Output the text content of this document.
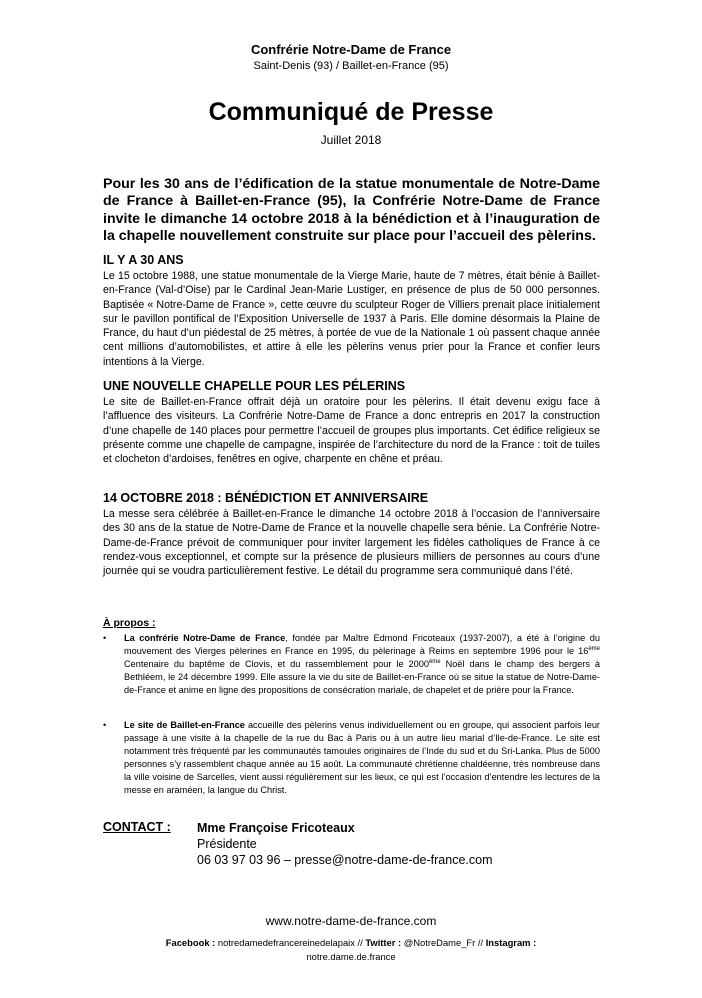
Confrérie Notre-Dame de France
Saint-Denis (93) / Baillet-en-France (95)
Communiqué de Presse
Juillet 2018
Pour les 30 ans de l’édification de la statue monumentale de Notre-Dame de France à Baillet-en-France (95), la Confrérie Notre-Dame de France invite le dimanche 14 octobre 2018 à la bénédiction et à l’inauguration de la chapelle nouvellement construite sur place pour l’accueil des pèlerins.
IL Y A 30 ANS
Le 15 octobre 1988, une statue monumentale de la Vierge Marie, haute de 7 mètres, était bénie à Baillet-en-France (Val-d’Oise) par le Cardinal Jean-Marie Lustiger, en présence de plus de 50 000 personnes. Baptisée « Notre-Dame de France », cette œuvre du sculpteur Roger de Villiers prenait place initialement sur le pavillon pontifical de l’Exposition Universelle de 1937 à Paris. Elle domine désormais la Plaine de France, du haut d’un piédestal de 25 mètres, à portée de vue de la Nationale 1 où passent chaque année cent millions d’automobilistes, et attire à elle les pèlerins venus prier pour la France et confier leurs intentions à la Vierge.
UNE NOUVELLE CHAPELLE POUR LES PÉLERINS
Le site de Baillet-en-France offrait déjà un oratoire pour les pèlerins. Il était devenu exigu face à l’affluence des visiteurs. La Confrérie Notre-Dame de France a donc entrepris en 2017 la construction d’une chapelle de 140 places pour permettre l’accueil de groupes plus importants. Cet édifice religieux se présente comme une chapelle de campagne, inspirée de l’architecture du nord de la France : toit de tuiles et clocheton d’ardoises, fenêtres en ogive, charpente en chêne et préau.
14 OCTOBRE 2018 : BÉNÉDICTION ET ANNIVERSAIRE
La messe sera célébrée à Baillet-en-France le dimanche 14 octobre 2018 à l’occasion de l’anniversaire des 30 ans de la statue de Notre-Dame de France et la nouvelle chapelle sera bénie. La Confrérie Notre-Dame-de-France prévoit de communiquer pour inviter largement les fidèles catholiques de France à ce rendez-vous exceptionnel, et compte sur la présence de plusieurs milliers de personnes au cours d’une journée qui se voudra particulièrement festive. Le détail du programme sera communiqué dans l’été.
À propos :
•	La confrérie Notre-Dame de France, fondée par Maître Edmond Fricoteaux (1937-2007), a été à l’origine du mouvement des Vierges pèlerines en France en 1995, du pèlerinage à Reims en septembre 1996 pour le 16ème Centenaire du baptême de Clovis, et du rassemblement pour le 2000ème Noël dans le champ des bergers à Bethléem, le 24 décembre 1999. Elle assure la vie du site de Baillet-en-France où se situe la statue de Notre-Dame-de-France et anime en ligne des propositions de consécration mariale, de chapelet et de prière pour la France.
•	Le site de Baillet-en-France accueille des pèlerins venus individuellement ou en groupe, qui associent parfois leur passage à une visite à la chapelle de la rue du Bac à Paris ou à un autre lieu marial d’Ile-de-France. Le site est notamment très fréquenté par les communautés tamoules originaires de l’Inde du sud et du Sri-Lanka. Plus de 5000 personnes s’y rassemblent chaque année au 15 août. La communauté chrétienne chaldéenne, très nombreuse dans la ville voisine de Sarcelles, vient aussi régulièrement sur les lieux, ce qui est l’occasion d’entendre les lectures de la messe en araméen, la langue du Christ.
CONTACT : Mme Françoise Fricoteaux
Présidente
06 03 97 03 96 – presse@notre-dame-de-france.com
www.notre-dame-de-france.com
Facebook : notredamedefrancereinedelapaix // Twitter : @NotreDame_Fr // Instagram :
notre.dame.de.france
